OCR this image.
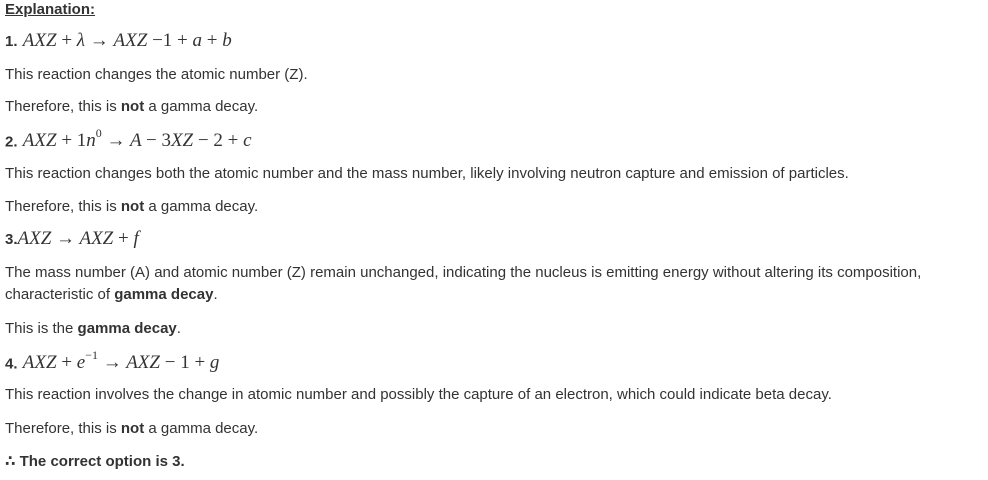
Explanation:
1. AXZ + λ → AXZ −1 + a + b
This reaction changes the atomic number (Z).
Therefore, this is not a gamma decay.
2. AXZ + $1n^0 \to A - 3XZ - 2 + c$
This reaction changes both the atomic number and the mass number, likely involving neutron capture and emission of particles.
Therefore, this is not a gamma decay.
3.AXZ → AXZ + f
The mass number (A) and atomic number (Z) remain unchanged, indicating the nucleus is emitting energy without altering its composition,
characteristic of gamma decay.
This is the gamma decay.
4. AXZ + $e^{-1}$ → AXZ − 1 + g
This reaction involves the change in atomic number and possibly the capture of an electron, which could indicate beta decay.
Therefore, this is not a gamma decay.
∴ The correct option is 3.
